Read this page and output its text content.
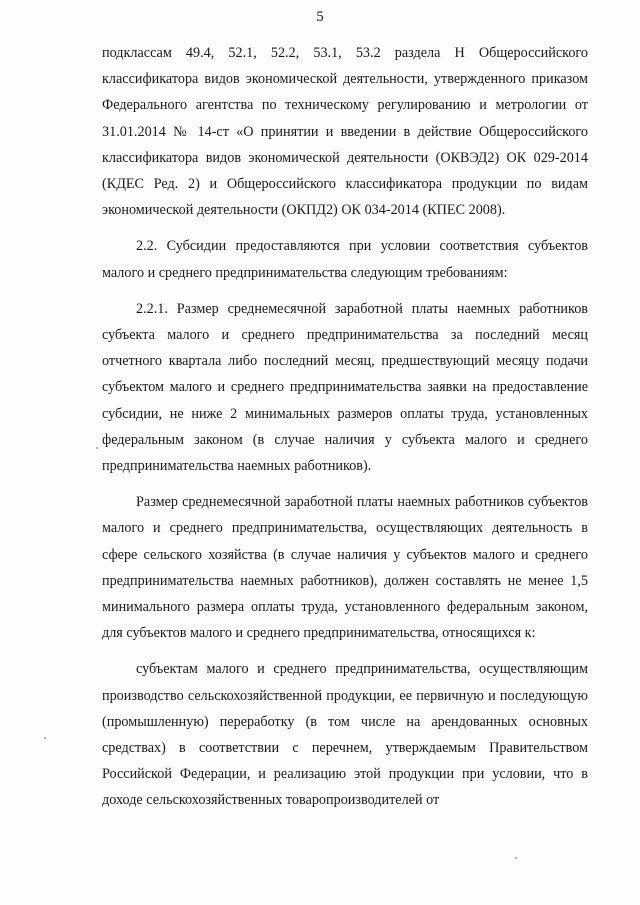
5

подклассам 49.4, 52.1, 52.2, 53.1, 53.2 раздела H Общероссийского классификатора видов экономической деятельности, утвержденного приказом Федерального агентства по техническому регулированию и метрологии от 31.01.2014 № 14-ст «О принятии и введении в действие Общероссийского классификатора видов экономической деятельности (ОКВЭД2) ОК 029-2014 (КДЕС Ред. 2) и Общероссийского классификатора продукции по видам экономической деятельности (ОКПД2) ОК 034-2014 (КПЕС 2008).

2.2. Субсидии предоставляются при условии соответствия субъектов малого и среднего предпринимательства следующим требованиям:

2.2.1. Размер среднемесячной заработной платы наемных работников субъекта малого и среднего предпринимательства за последний месяц отчетного квартала либо последний месяц, предшествующий месяцу подачи субъектом малого и среднего предпринимательства заявки на предоставление субсидии, не ниже 2 минимальных размеров оплаты труда, установленных федеральным законом (в случае наличия у субъекта малого и среднего предпринимательства наемных работников).

Размер среднемесячной заработной платы наемных работников субъектов малого и среднего предпринимательства, осуществляющих деятельность в сфере сельского хозяйства (в случае наличия у субъектов малого и среднего предпринимательства наемных работников), должен составлять не менее 1,5 минимального размера оплаты труда, установленного федеральным законом, для субъектов малого и среднего предпринимательства, относящихся к:

субъектам малого и среднего предпринимательства, осуществляющим производство сельскохозяйственной продукции, ее первичную и последующую (промышленную) переработку (в том числе на арендованных основных средствах) в соответствии с перечнем, утверждаемым Правительством Российской Федерации, и реализацию этой продукции при условии, что в доходе сельскохозяйственных товаропроизводителей от
